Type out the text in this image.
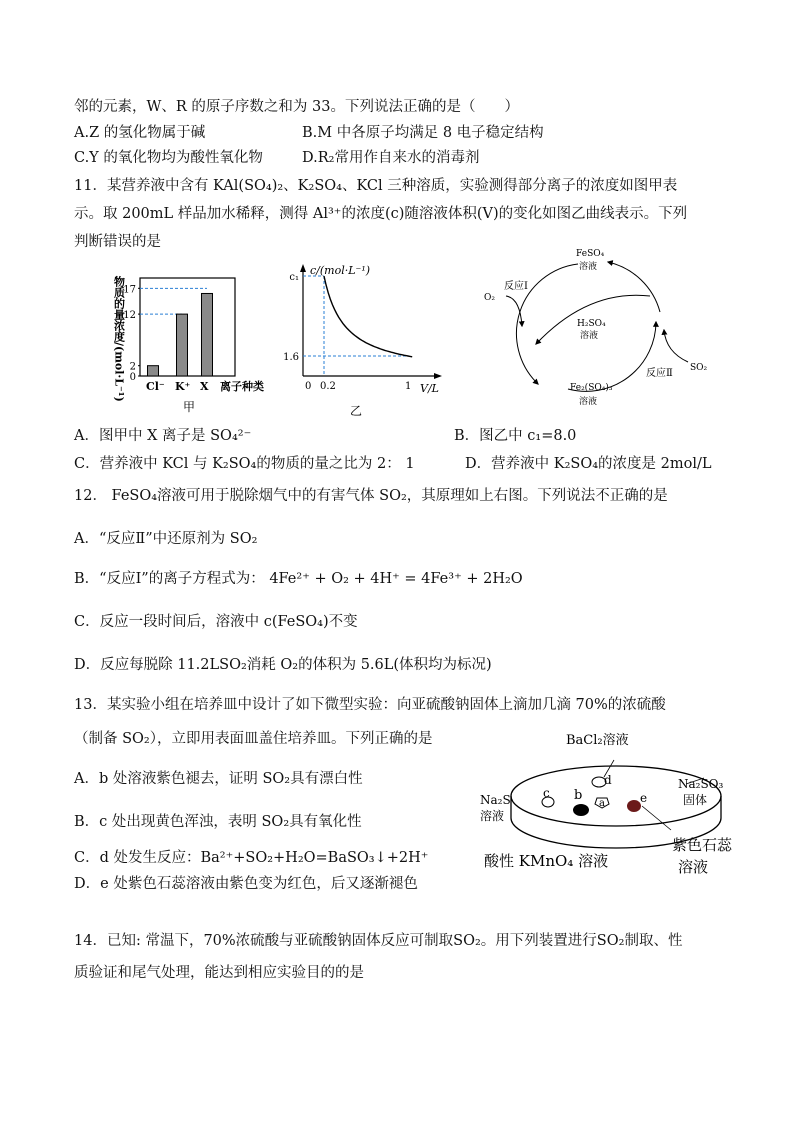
邻的元素，W、R 的原子序数之和为 33。下列说法正确的是（　　）
A.Z 的氢化物属于碱	B.M 中各原子均满足 8 电子稳定结构
C.Y 的氧化物均为酸性氧化物	D.R₂常用作自来水的消毒剂
11．某营养液中含有 KAl(SO₄)₂、K₂SO₄、KCl 三种溶质，实验测得部分离子的浓度如图甲表
示。取 200mL 样品加水稀释，测得 Al³⁺的浓度(c)随溶液体积(V)的变化如图乙曲线表示。下列
判断错误的是
物质的量浓度/(mol·L⁻¹) 0
2
12
17
Cl⁻ K⁺ X 离子种类
甲
c/(mol·L⁻¹)
V/L
c₁
1.6
0 0.2	1
乙
FeSO₄
溶液
反应Ⅰ
O₂
H₂SO₄
溶液
SO₂
反应Ⅱ
Fe₂(SO₄)₃
溶液
A．图甲中 X 离子是 SO₄²⁻	B．图乙中 c₁=8.0
C．营养液中 KCl 与 K₂SO₄的物质的量之比为 2： 1	D．营养液中 K₂SO₄的浓度是 2mol/L
12． FeSO₄溶液可用于脱除烟气中的有害气体 SO₂，其原理如上右图。下列说法不正确的是
A．“反应Ⅱ”中还原剂为 SO₂
B．“反应Ⅰ”的离子方程式为： 4Fe²⁺ + O₂ + 4H⁺ = 4Fe³⁺ + 2H₂O
C．反应一段时间后，溶液中 c(FeSO₄)不变
D．反应每脱除 11.2LSO₂消耗 O₂的体积为 5.6L(体积均为标况)
13．某实验小组在培养皿中设计了如下微型实验：向亚硫酸钠固体上滴加几滴 70%的浓硫酸
（制备 SO₂），立即用表面皿盖住培养皿。下列正确的是
A．b 处溶液紫色褪去，证明 SO₂具有漂白性
B．c 处出现黄色浑浊，表明 SO₂具有氧化性
C．d 处发生反应：Ba²⁺+SO₂+H₂O=BaSO₃↓+2H⁺
D．e 处紫色石蕊溶液由紫色变为红色，后又逐渐褪色
BaCl₂溶液
d
a
b
c	e
Na₂SO₃
固体
Na₂S
溶液
紫色石蕊
溶液
酸性 KMnO₄ 溶液
14．已知: 常温下，70%浓硫酸与亚硫酸钠固体反应可制取SO₂。用下列装置进行SO₂制取、性
质验证和尾气处理，能达到相应实验目的的是
